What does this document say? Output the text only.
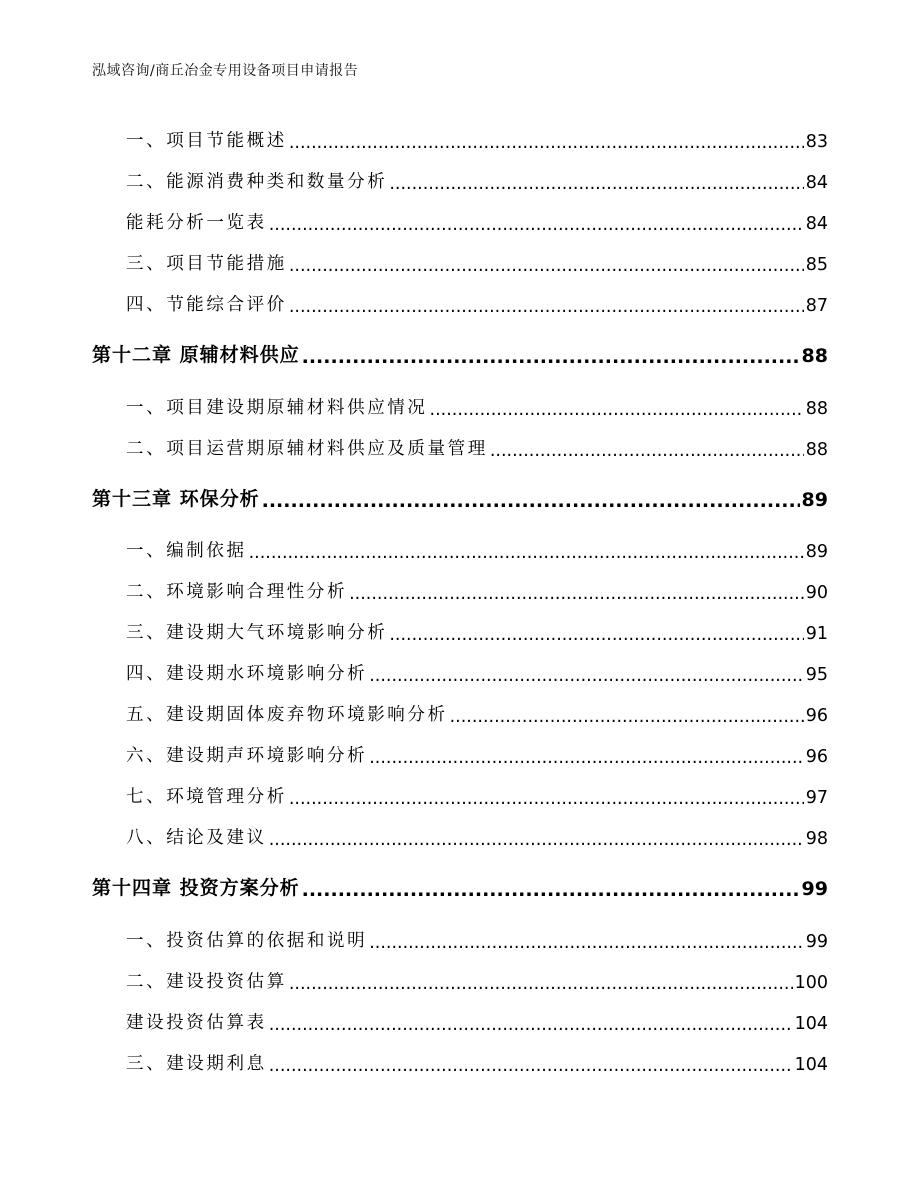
泓域咨询/商丘冶金专用设备项目申请报告
一、 项目节能概述 .....	83
二、 能源消费种类和数量分析 .....	84
能耗分析一览表 .....	84
三、 项目节能措施 .....	85
四、 节能综合评价 .....	87
第十二章 原辅材料供应 .....	88
一、 项目建设期原辅材料供应情况 .....	88
二、 项目运营期原辅材料供应及质量管理 .....	88
第十三章 环保分析 .....	89
一、 编制依据 .....	89
二、 环境影响合理性分析 .....	90
三、 建设期大气环境影响分析 .....	91
四、 建设期水环境影响分析 .....	95
五、 建设期固体废弃物环境影响分析 .....	96
六、 建设期声环境影响分析 .....	96
七、 环境管理分析 .....	97
八、 结论及建议 .....	98
第十四章 投资方案分析 .....	99
一、 投资估算的依据和说明 .....	99
二、 建设投资估算 .....	100
建设投资估算表 .....	104
三、 建设期利息 .....	104
